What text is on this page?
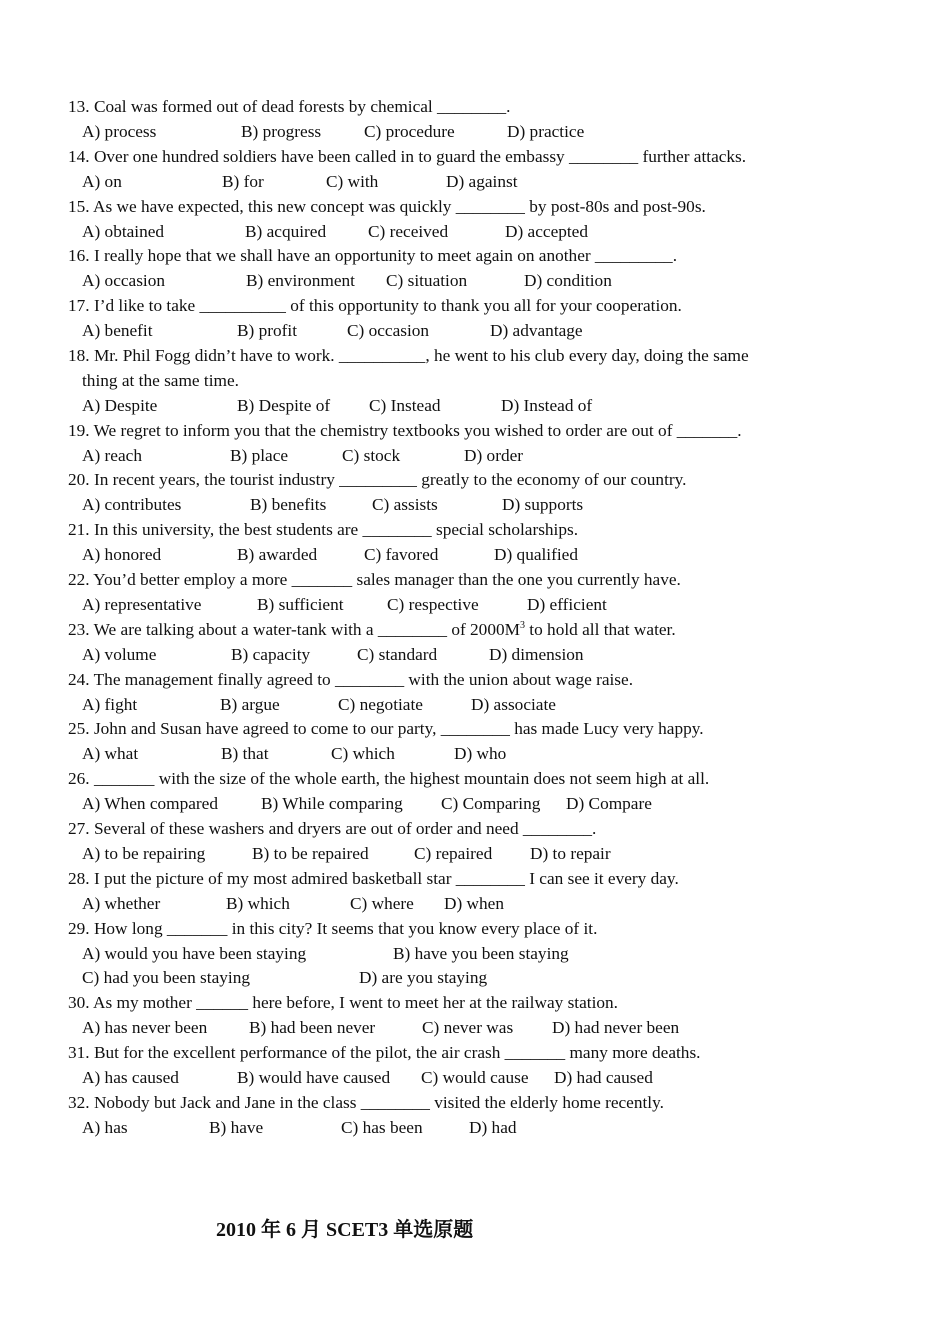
13. Coal was formed out of dead forests by chemical ________.
A) process	B) progress C) procedure	D) practice
14. Over one hundred soldiers have been called in to guard the embassy ________ further attacks.
A) on	B) for	C) with	D) against
15. As we have expected, this new concept was quickly ________ by post-80s and post-90s.
A) obtained	B) acquired C) received	D) accepted
16. I really hope that we shall have an opportunity to meet again on another _________.
A) occasion	B) environment C) situation	D) condition
17. I’d like to take __________ of this opportunity to thank you all for your cooperation.
A) benefit	B) profit	C) occasion	D) advantage
18. Mr. Phil Fogg didn’t have to work. __________, he went to his club every day, doing the same
thing at the same time.
A) Despite	B) Despite of C) Instead	D) Instead of
19. We regret to inform you that the chemistry textbooks you wished to order are out of _______.
A) reach	B) place	C) stock	D) order
20. In recent years, the tourist industry _________ greatly to the economy of our country.
A) contributes	B) benefits	C) assists	D) supports
21. In this university, the best students are ________ special scholarships.
A) honored	B) awarded	C) favored	D) qualified
22. You’d better employ a more _______ sales manager than the one you currently have.
A) representative	B) sufficient	C) respective	D) efficient
23. We are talking about a water-tank with a ________ of $2000M^3$ to hold all that water.
A) volume	B) capacity	C) standard	D) dimension
24. The management finally agreed to ________ with the union about wage raise.
A) fight	B) argue	C) negotiate	D) associate
25. John and Susan have agreed to come to our party, ________ has made Lucy very happy.
A) what	B) that	C) which	D) who
26. _______ with the size of the whole earth, the highest mountain does not seem high at all.
A) When compared B) While comparing C) Comparing D) Compare
27. Several of these washers and dryers are out of order and need ________.
A) to be repairing	B) to be repaired	C) repaired D) to repair
28. I put the picture of my most admired basketball star ________ I can see it every day.
A) whether	B) which	C) where D) when
29. How long _______ in this city? It seems that you know every place of it.
A) would you have been staying	B) have you been staying
C) had you been staying	D) are you staying
30. As my mother ______ here before, I went to meet her at the railway station.
A) has never been B) had been never	C) never was D) had never been
31. But for the excellent performance of the pilot, the air crash _______ many more deaths.
A) has caused	B) would have caused C) would cause D) had caused
32. Nobody but Jack and Jane in the class ________ visited the elderly home recently.
A) has	B) have	C) has been	D) had
2010 年 6 月 SCET3 单选原题
